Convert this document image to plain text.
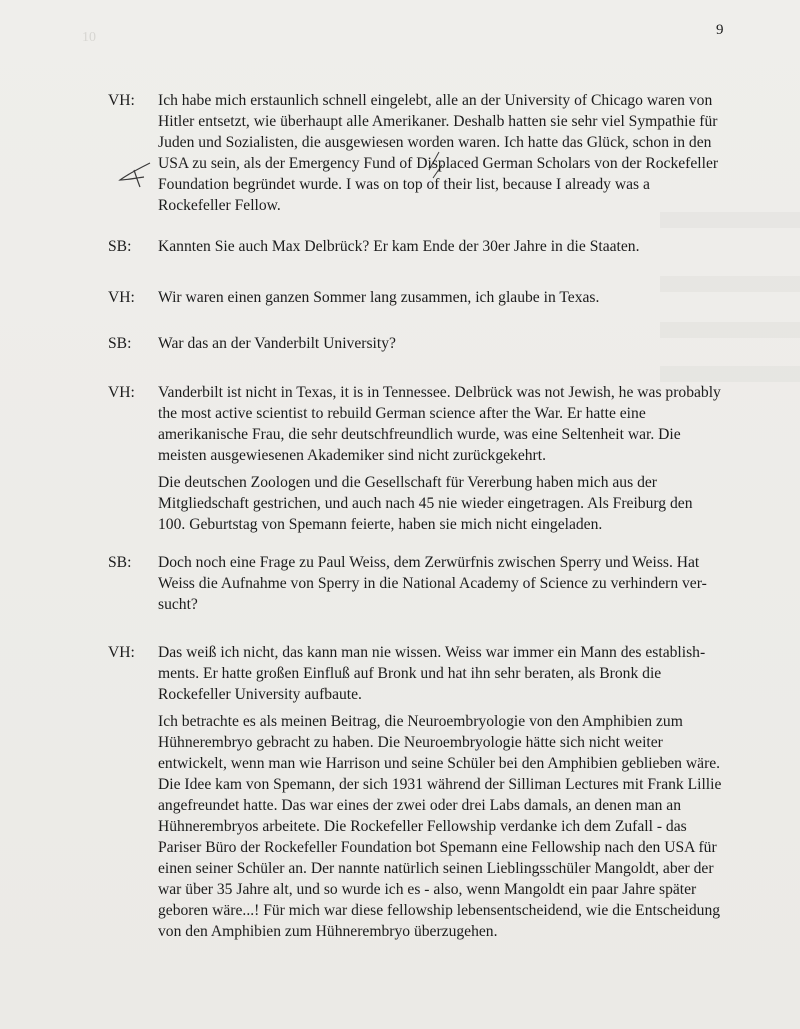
10	9
VH:	Ich habe mich erstaunlich schnell eingelebt, alle an der University of Chicago waren von Hitler entsetzt, wie überhaupt alle Amerikaner. Deshalb hatten sie sehr viel Sympathie für Juden und Sozialisten, die ausgewiesen worden waren. Ich hatte das Glück, schon in den USA zu sein, als der Emergency Fund of Displaced German Scholars von der Rockefeller Foundation begründet wurde. I was on top of their list, because I already was a Rockefeller Fellow.

SB:	Kannten Sie auch Max Delbrück? Er kam Ende der 30er Jahre in die Staaten.

VH:	Wir waren einen ganzen Sommer lang zusammen, ich glaube in Texas.

SB:	War das an der Vanderbilt University?

VH:	Vanderbilt ist nicht in Texas, it is in Tennessee. Delbrück was not Jewish, he was probably the most active scientist to rebuild German science after the War. Er hatte eine amerikanische Frau, die sehr deutschfreundlich wurde, was eine Seltenheit war. Die meisten ausgewiesenen Akademiker sind nicht zurückgekehrt.

Die deutschen Zoologen und die Gesellschaft für Vererbung haben mich aus der Mitgliedschaft gestrichen, und auch nach 45 nie wieder eingetragen. Als Freiburg den 100. Geburtstag von Spemann feierte, haben sie mich nicht eingeladen.

SB:	Doch noch eine Frage zu Paul Weiss, dem Zerwürfnis zwischen Sperry und Weiss. Hat Weiss die Aufnahme von Sperry in die National Academy of Science zu verhindern ver-sucht?

VH:	Das weiß ich nicht, das kann man nie wissen. Weiss war immer ein Mann des establish-ments. Er hatte großen Einfluß auf Bronk und hat ihn sehr beraten, als Bronk die Rockefeller University aufbaute.

Ich betrachte es als meinen Beitrag, die Neuroembryologie von den Amphibien zum Hühnerembryo gebracht zu haben. Die Neuroembryologie hätte sich nicht weiter entwickelt, wenn man wie Harrison und seine Schüler bei den Amphibien geblieben wäre. Die Idee kam von Spemann, der sich 1931 während der Silliman Lectures mit Frank Lillie angefreundet hatte. Das war eines der zwei oder drei Labs damals, an denen man an Hühnerembryos arbeitete. Die Rockefeller Fellowship verdanke ich dem Zufall - das Pariser Büro der Rockefeller Foundation bot Spemann eine Fellowship nach den USA für einen seiner Schüler an. Der nannte natürlich seinen Lieblingsschüler Mangoldt, aber der war über 35 Jahre alt, und so wurde ich es - also, wenn Mangoldt ein paar Jahre später geboren wäre...! Für mich war diese fellowship lebensentscheidend, wie die Entscheidung von den Amphibien zum Hühnerembryo überzugehen.
